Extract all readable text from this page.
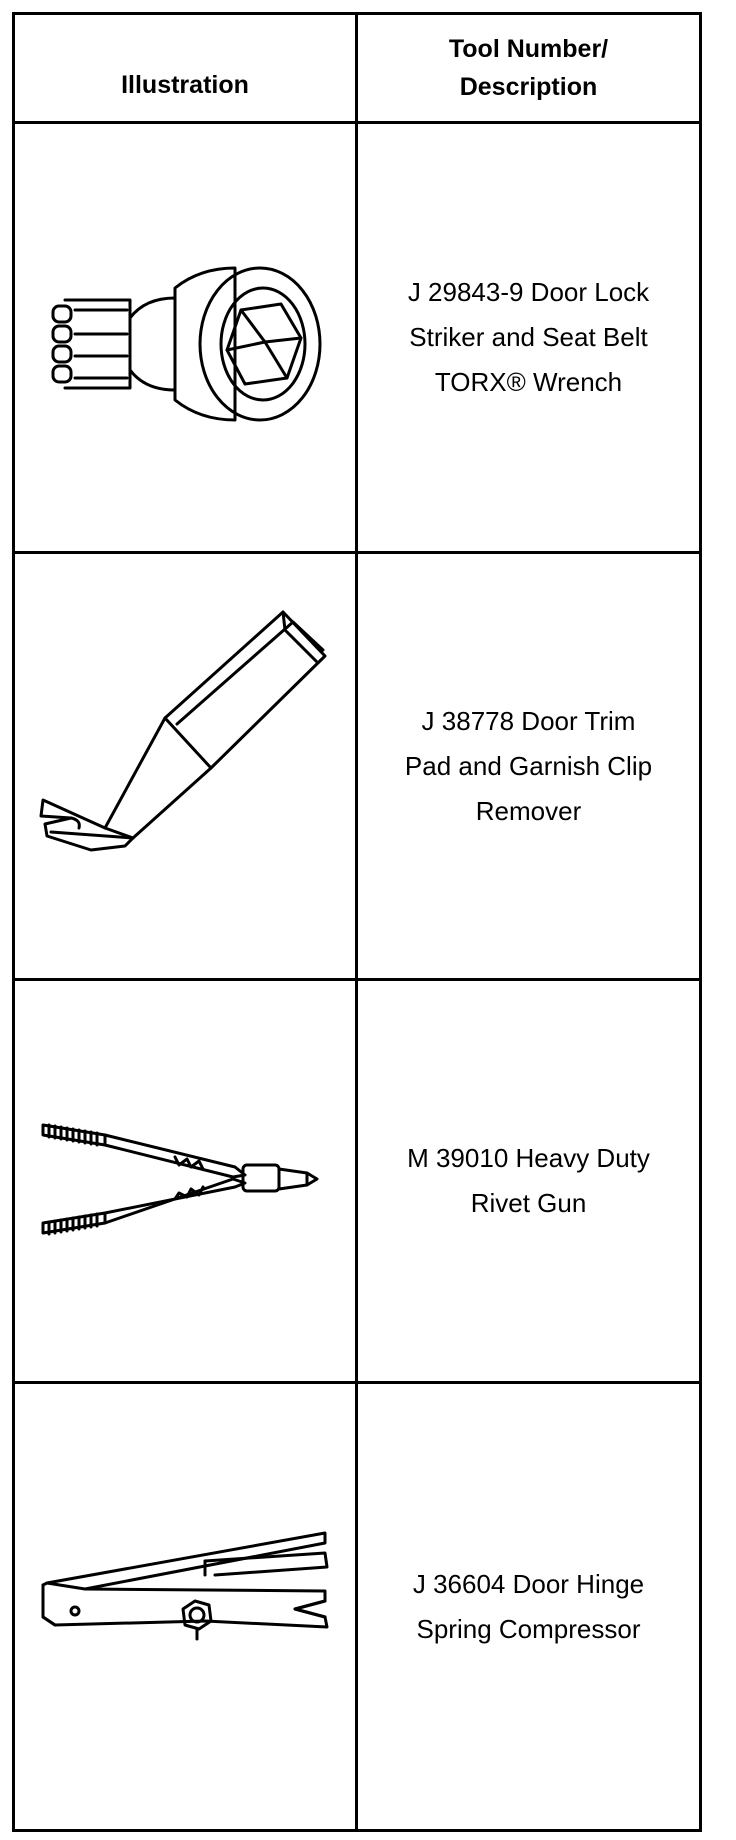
Illustration
Tool Number/
Description
J 29843-9 Door Lock
Striker and Seat Belt
TORX® Wrench
J 38778 Door Trim
Pad and Garnish Clip
Remover
M 39010 Heavy Duty
Rivet Gun
J 36604 Door Hinge
Spring Compressor
